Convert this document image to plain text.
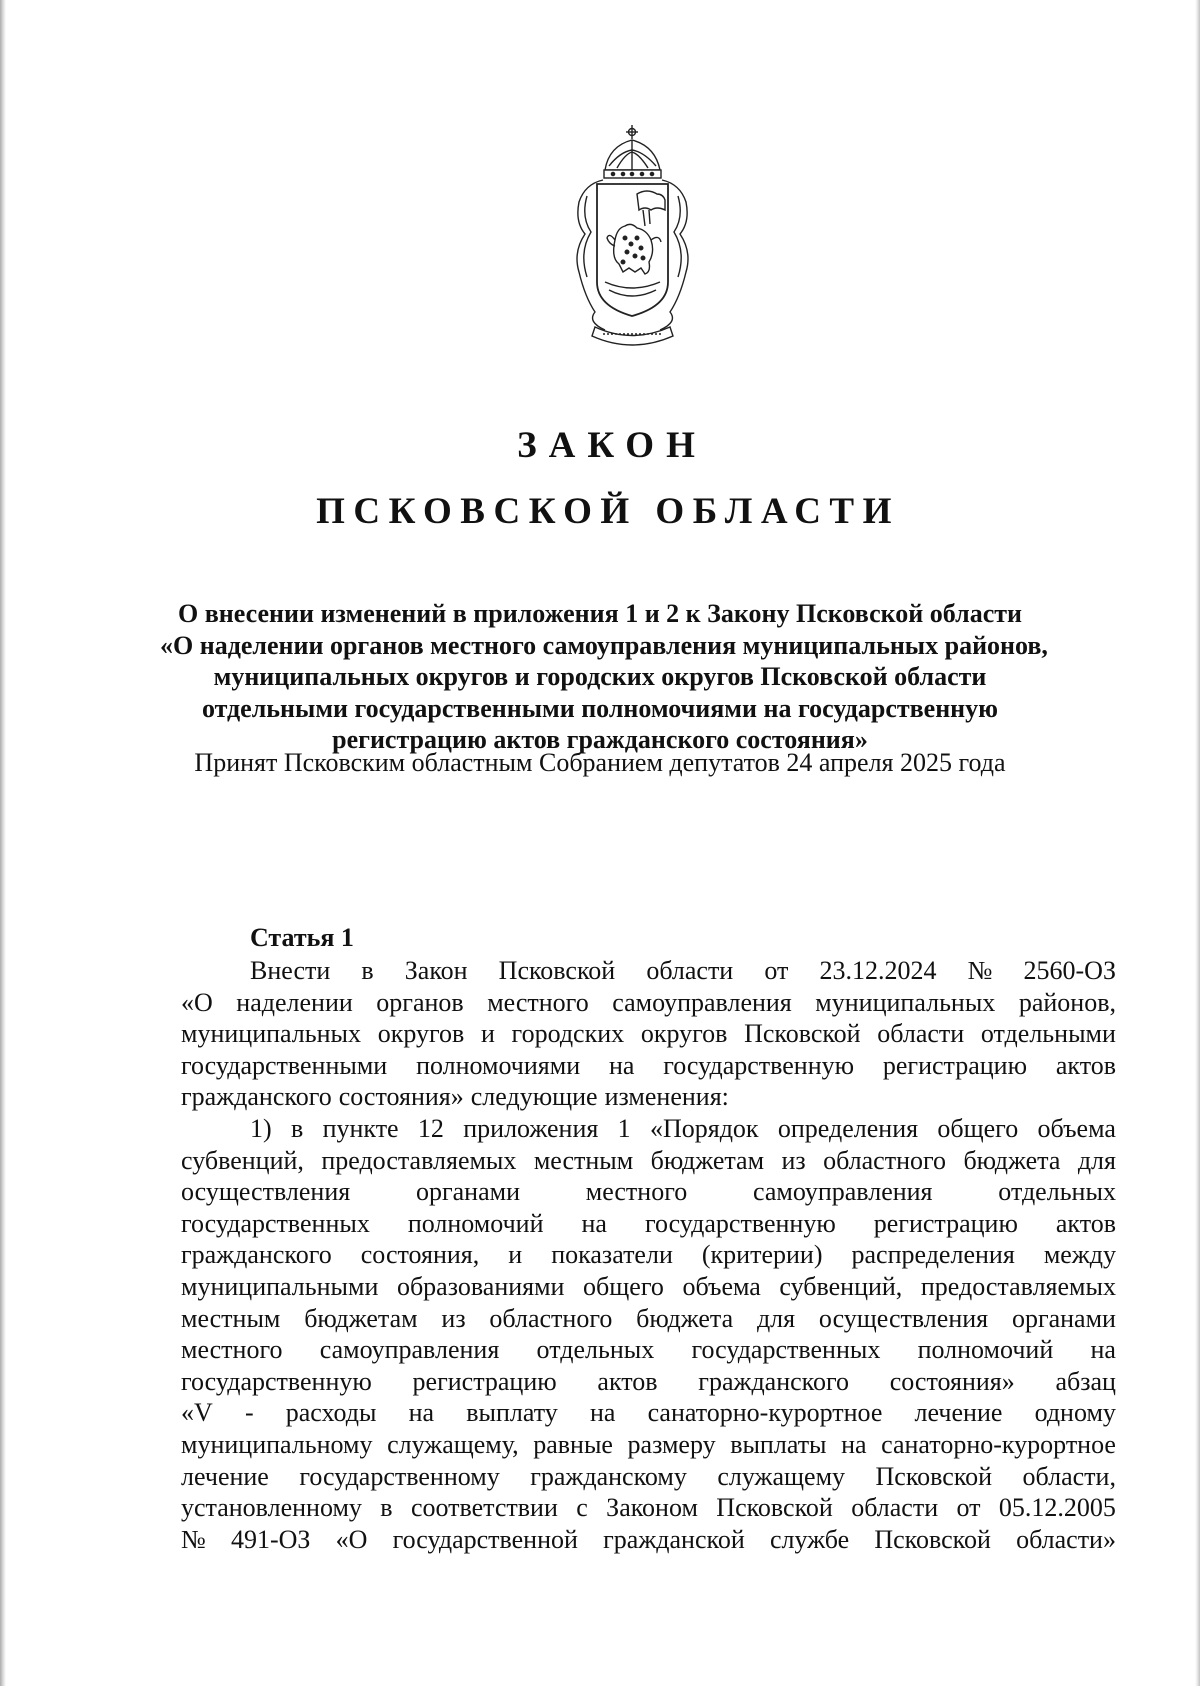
ЗАКОН
ПСКОВСКОЙ ОБЛАСТИ
О внесении изменений в приложения 1 и 2 к Закону Псковской области
«О наделении органов местного самоуправления муниципальных районов,
муниципальных округов и городских округов Псковской области
отдельными государственными полномочиями на государственную
регистрацию актов гражданского состояния»
Принят Псковским областным Собранием депутатов 24 апреля 2025 года
Статья 1
Внести в Закон Псковской области от 23.12.2024 № 2560-ОЗ
«О наделении органов местного самоуправления муниципальных районов,
муниципальных округов и городских округов Псковской области отдельными
государственными полномочиями на государственную регистрацию актов
гражданского состояния» следующие изменения:
1) в пункте 12 приложения 1 «Порядок определения общего объема
субвенций, предоставляемых местным бюджетам из областного бюджета для
осуществления	органами	местного	самоуправления	отдельных
государственных полномочий на государственную регистрацию актов
гражданского состояния, и показатели (критерии) распределения между
муниципальными образованиями общего объема субвенций, предоставляемых
местным бюджетам из областного бюджета для осуществления органами
местного самоуправления отдельных государственных полномочий на
государственную регистрацию актов гражданского состояния» абзац
«V - расходы на выплату на санаторно-курортное лечение одному
муниципальному служащему, равные размеру выплаты на санаторно-курортное
лечение государственному гражданскому служащему Псковской области,
установленному в соответствии с Законом Псковской области от 05.12.2005
№ 491-ОЗ «О государственной гражданской службе Псковской области»
